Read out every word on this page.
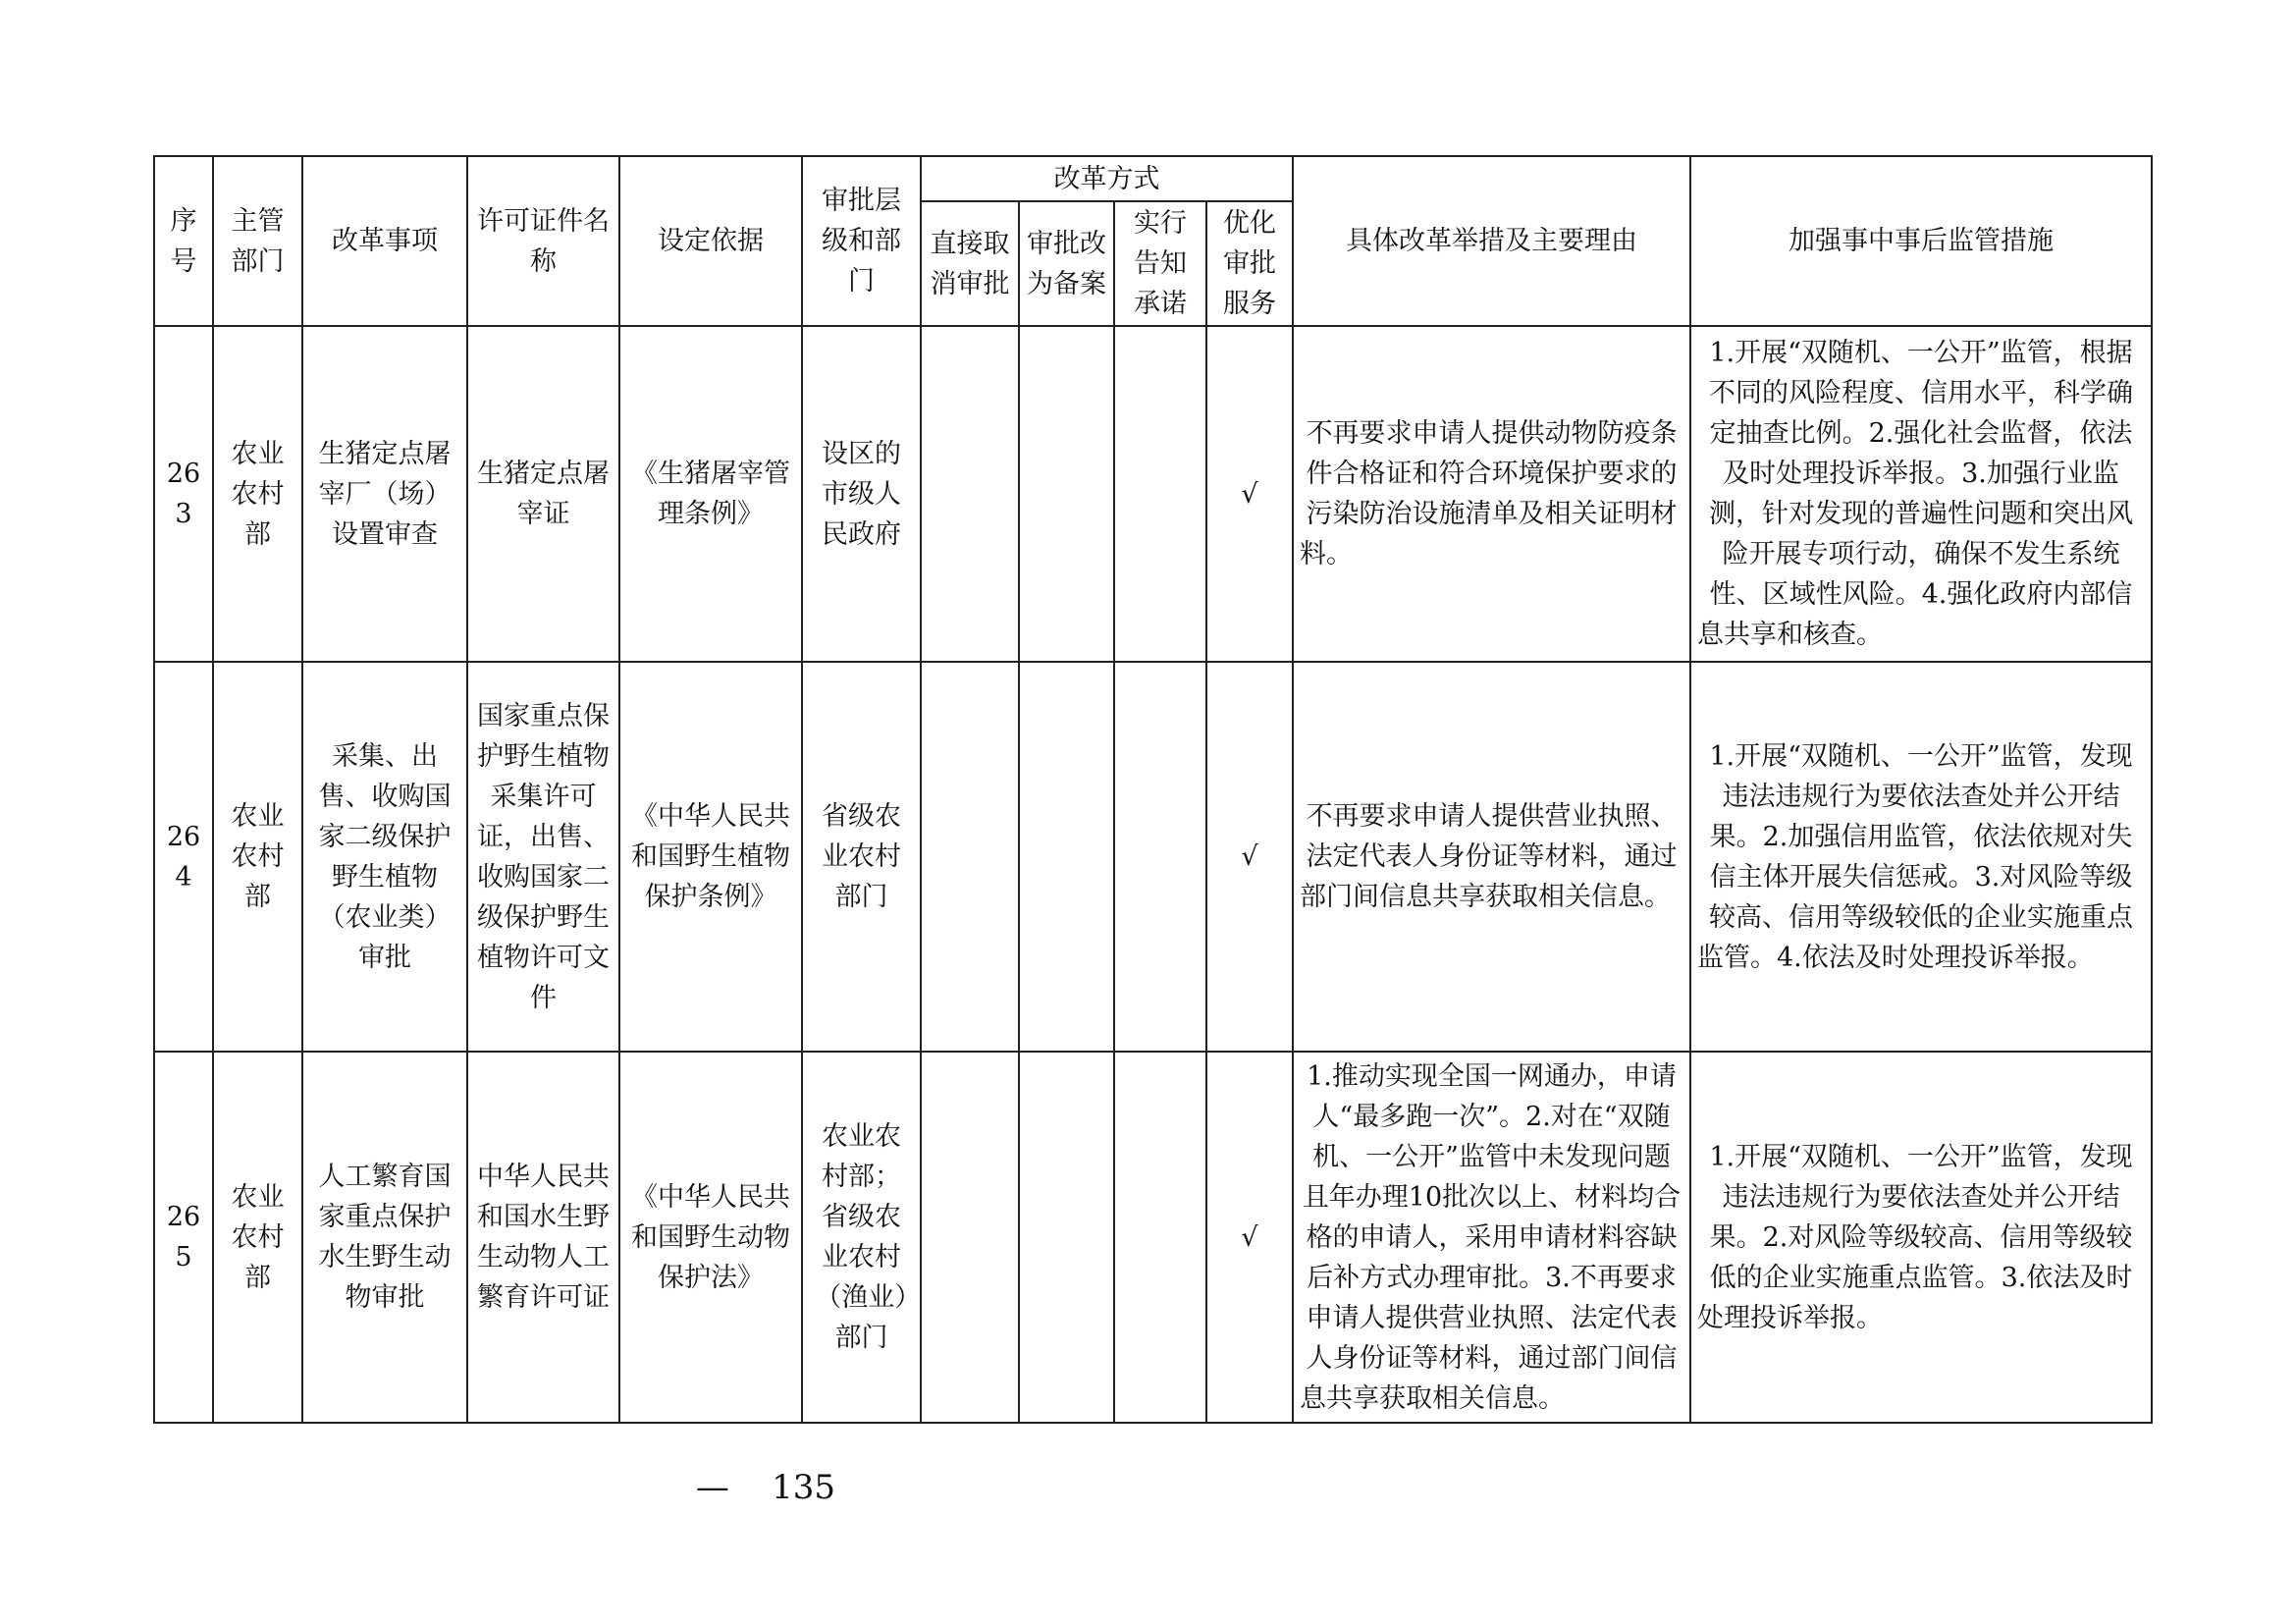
序号	主管部门	改革事项	许可证件名称	设定依据	审批层级和部门	改革方式				具体改革举措及主要理由	加强事中事后监管措施
						直接取消审批	审批改为备案	实行告知承诺	优化审批服务		
263	农业农村部	生猪定点屠宰厂（场）设置审查	生猪定点屠宰证	《生猪屠宰管理条例》	设区的市级人民政府				√	不再要求申请人提供动物防疫条件合格证和符合环境保护要求的污染防治设施清单及相关证明材料。	1.开展“双随机、一公开”监管，根据不同的风险程度、信用水平，科学确定抽查比例。2.强化社会监督，依法及时处理投诉举报。3.加强行业监测，针对发现的普遍性问题和突出风险开展专项行动，确保不发生系统性、区域性风险。4.强化政府内部信息共享和核查。
264	农业农村部	采集、出售、收购国家二级保护野生植物（农业类）审批	国家重点保护野生植物采集许可证，出售、收购国家二级保护野生植物许可文件	《中华人民共和国野生植物保护条例》	省级农业农村部门				√	不再要求申请人提供营业执照、法定代表人身份证等材料，通过部门间信息共享获取相关信息。	1.开展“双随机、一公开”监管，发现违法违规行为要依法查处并公开结果。2.加强信用监管，依法依规对失信主体开展失信惩戒。3.对风险等级较高、信用等级较低的企业实施重点监管。4.依法及时处理投诉举报。
265	农业农村部	人工繁育国家重点保护水生野生动物审批	中华人民共和国水生野生动物人工繁育许可证	《中华人民共和国野生动物保护法》	农业农村部；省级农业农村（渔业）部门				√	1.推动实现全国一网通办，申请人“最多跑一次”。2.对在“双随机、一公开”监管中未发现问题且年办理10批次以上、材料均合格的申请人，采用申请材料容缺后补方式办理审批。3.不再要求申请人提供营业执照、法定代表人身份证等材料，通过部门间信息共享获取相关信息。	1.开展“双随机、一公开”监管，发现违法违规行为要依法查处并公开结果。2.对风险等级较高、信用等级较低的企业实施重点监管。3.依法及时处理投诉举报。
— 135
